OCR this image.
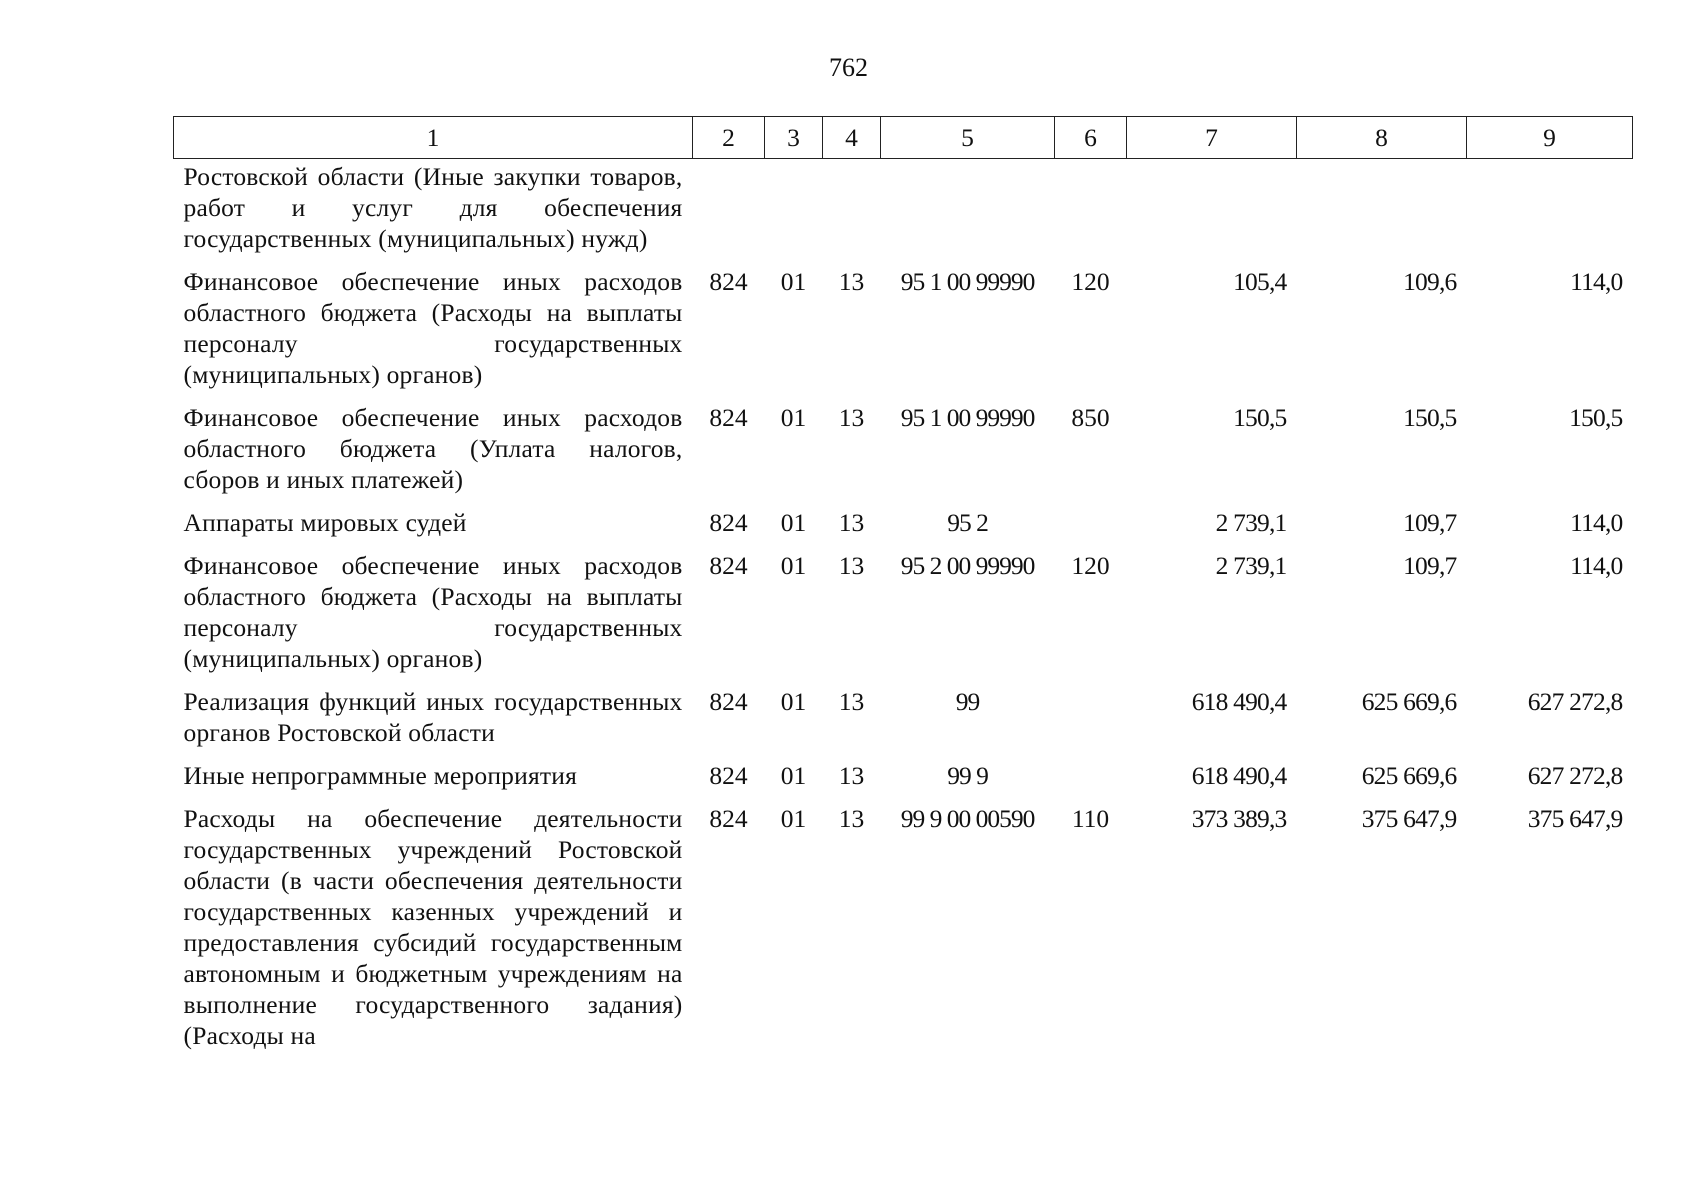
762
1	2	3	4	5	6	7	8	9
Ростовской области (Иные закупки товаров, работ и услуг для обеспечения государственных (муниципальных) нужд)								
Финансовое обеспечение иных расходов областного бюджета (Расходы на выплаты персоналу государственных (муниципальных) органов)	824	01	13	95 1 00 99990	120	105,4	109,6	114,0
Финансовое обеспечение иных расходов областного бюджета (Уплата налогов, сборов и иных платежей)	824	01	13	95 1 00 99990	850	150,5	150,5	150,5
Аппараты мировых судей	824	01	13	95 2		2 739,1	109,7	114,0
Финансовое обеспечение иных расходов областного бюджета (Расходы на выплаты персоналу государственных (муниципальных) органов)	824	01	13	95 2 00 99990	120	2 739,1	109,7	114,0
Реализация функций иных государственных органов Ростовской области	824	01	13	99		618 490,4	625 669,6	627 272,8
Иные непрограммные мероприятия	824	01	13	99 9		618 490,4	625 669,6	627 272,8
Расходы на обеспечение деятельности государственных учреждений Ростовской области (в части обеспечения деятельности государственных казенных учреждений и предоставления субсидий государственным автономным и бюджетным учреждениям на выполнение государственного задания) (Расходы на	824	01	13	99 9 00 00590	110	373 389,3	375 647,9	375 647,9
